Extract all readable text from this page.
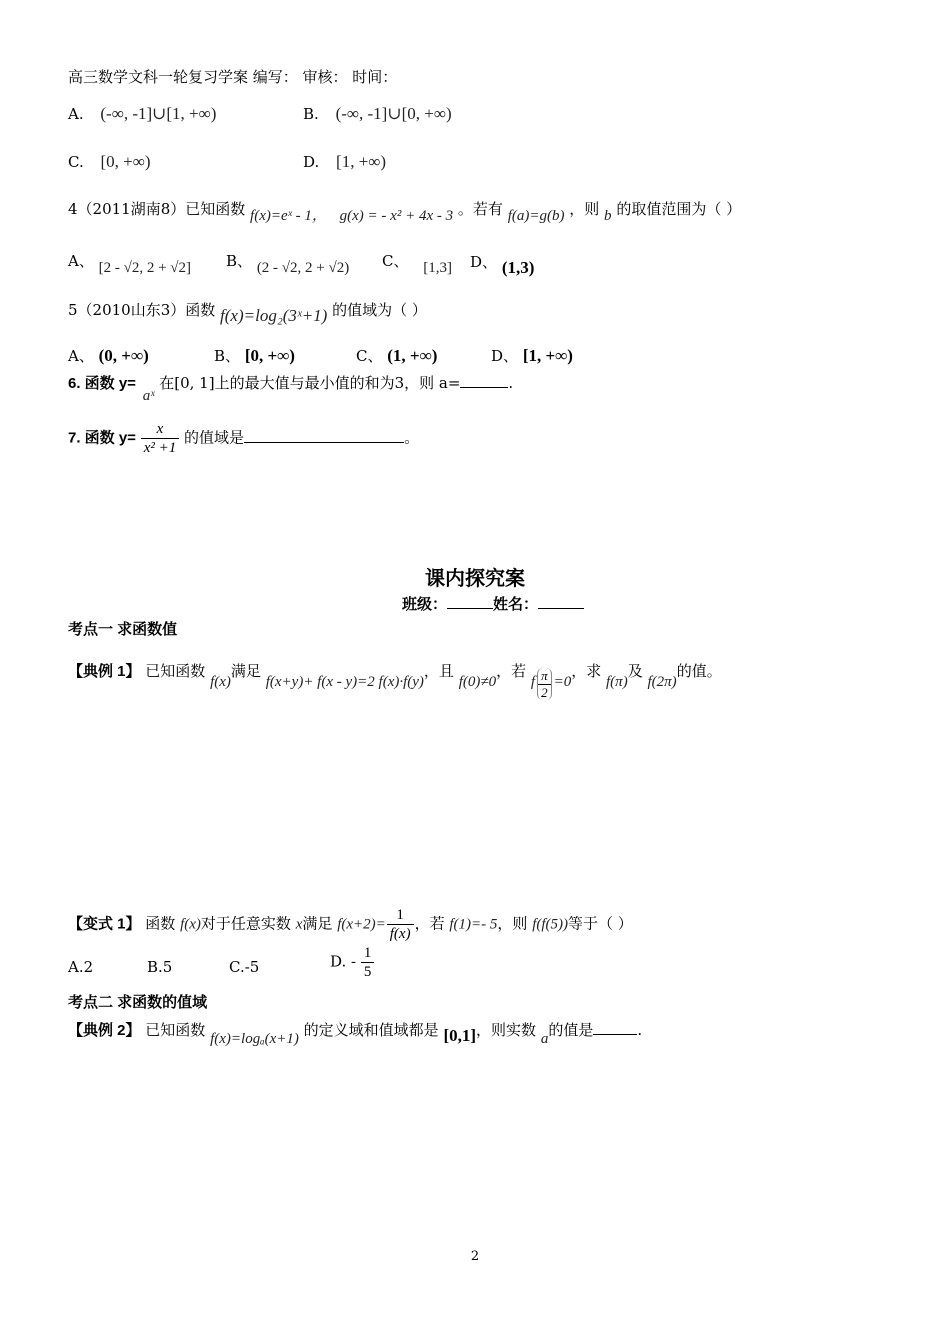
高三数学文科一轮复习学案 编写： 审核： 时间：
A. (-∞, -1]∪[1, +∞)	B. (-∞, -1]∪[0, +∞)
C. [0, +∞)	D. [1, +∞)
4（2011湖南8）已知函数 f(x)=eˣ - 1， g(x) = - x² + 4x - 3 。若有 f(a)=g(b) ，则 b 的取值范围为（ ）
A、 [2 - √2, 2 + √2] B、 (2 - √2, 2 + √2) C、 [1,3] D、 (1,3)
5（2010山东3）函数 f(x)=log₂(3ˣ+1) 的值域为（ ）
A、 (0, +∞)	B、 [0, +∞)	C、 (1, +∞)	D、 [1, +∞)
6. 函数 y= aˣ 在[0, 1]上的最大值与最小值的和为3，则 a=	.
7. 函数 $y= \frac{x}{\text{x² +1}}$ 的值域是	。
课内探究案
班级：	姓名：
考点一 求函数值
【典例 1】 已知函数 f(x)满足 f(x+y)+ f(x - y)=2 f(x)·f(y)，且 f(0)≠0，若 f $\frac{\pi}{2} =0$，求 f(π)及 f(2π)的值。
【变式 1】 函数 f(x)对于任意实数 x满足 $f(x+2)= \frac{1}{f(x)}$ ，若 f(1)=- 5，则 f(f(5))等于（ ）
A.2	B.5	C.-5	D. - $\frac{1}{5}$
考点二 求函数的值域
【典例 2】 已知函数 f(x)=logₐ(x+1) 的定义域和值域都是 [0,1]，则实数 a的值是	.
2
